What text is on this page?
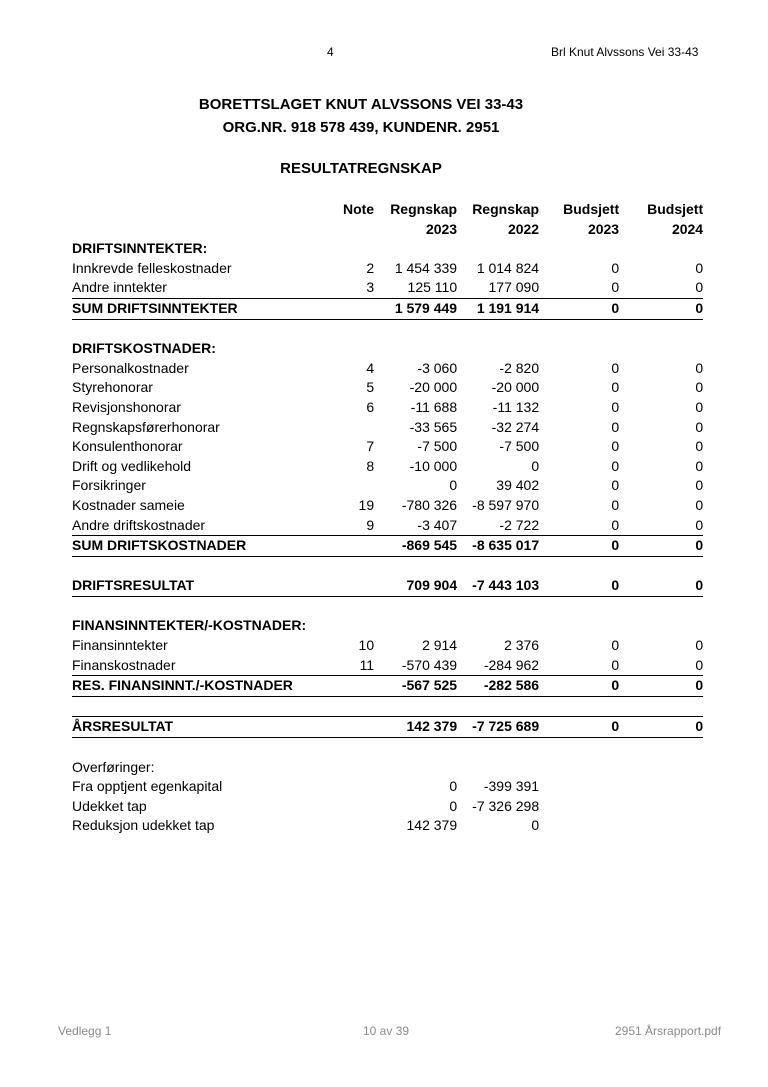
4	Brl Knut Alvssons Vei 33-43
BORETTSLAGET KNUT ALVSSONS VEI 33-43
ORG.NR. 918 578 439, KUNDENR. 2951
RESULTATREGNSKAP
	Note	Regnskap	Regnskap	Budsjett	Budsjett
		2023	2022	2023	2024
DRIFTSINNTEKTER:					
Innkrevde felleskostnader	2	1 454 339	1 014 824	0	0
Andre inntekter	3	125 110	177 090	0	0
SUM DRIFTSINNTEKTER		1 579 449	1 191 914	0	0

DRIFTSKOSTNADER:					
Personalkostnader	4	-3 060	-2 820	0	0
Styrehonorar	5	-20 000	-20 000	0	0
Revisjonshonorar	6	-11 688	-11 132	0	0
Regnskapsførerhonorar		-33 565	-32 274	0	0
Konsulenthonorar	7	-7 500	-7 500	0	0
Drift og vedlikehold	8	-10 000	0	0	0
Forsikringer		0	39 402	0	0
Kostnader sameie	19	-780 326	-8 597 970	0	0
Andre driftskostnader	9	-3 407	-2 722	0	0
SUM DRIFTSKOSTNADER		-869 545	-8 635 017	0	0

DRIFTSRESULTAT		709 904	-7 443 103	0	0

FINANSINNTEKTER/-KOSTNADER:					
Finansinntekter	10	2 914	2 376	0	0
Finanskostnader	11	-570 439	-284 962	0	0
RES. FINANSINNT./-KOSTNADER		-567 525	-282 586	0	0

ÅRSRESULTAT		142 379	-7 725 689	0	0

Overføringer:					
Fra opptjent egenkapital		0	-399 391		
Udekket tap		0	-7 326 298		
Reduksjon udekket tap		142 379	0		
Vedlegg 1	10 av 39	2951 Årsrapport.pdf
